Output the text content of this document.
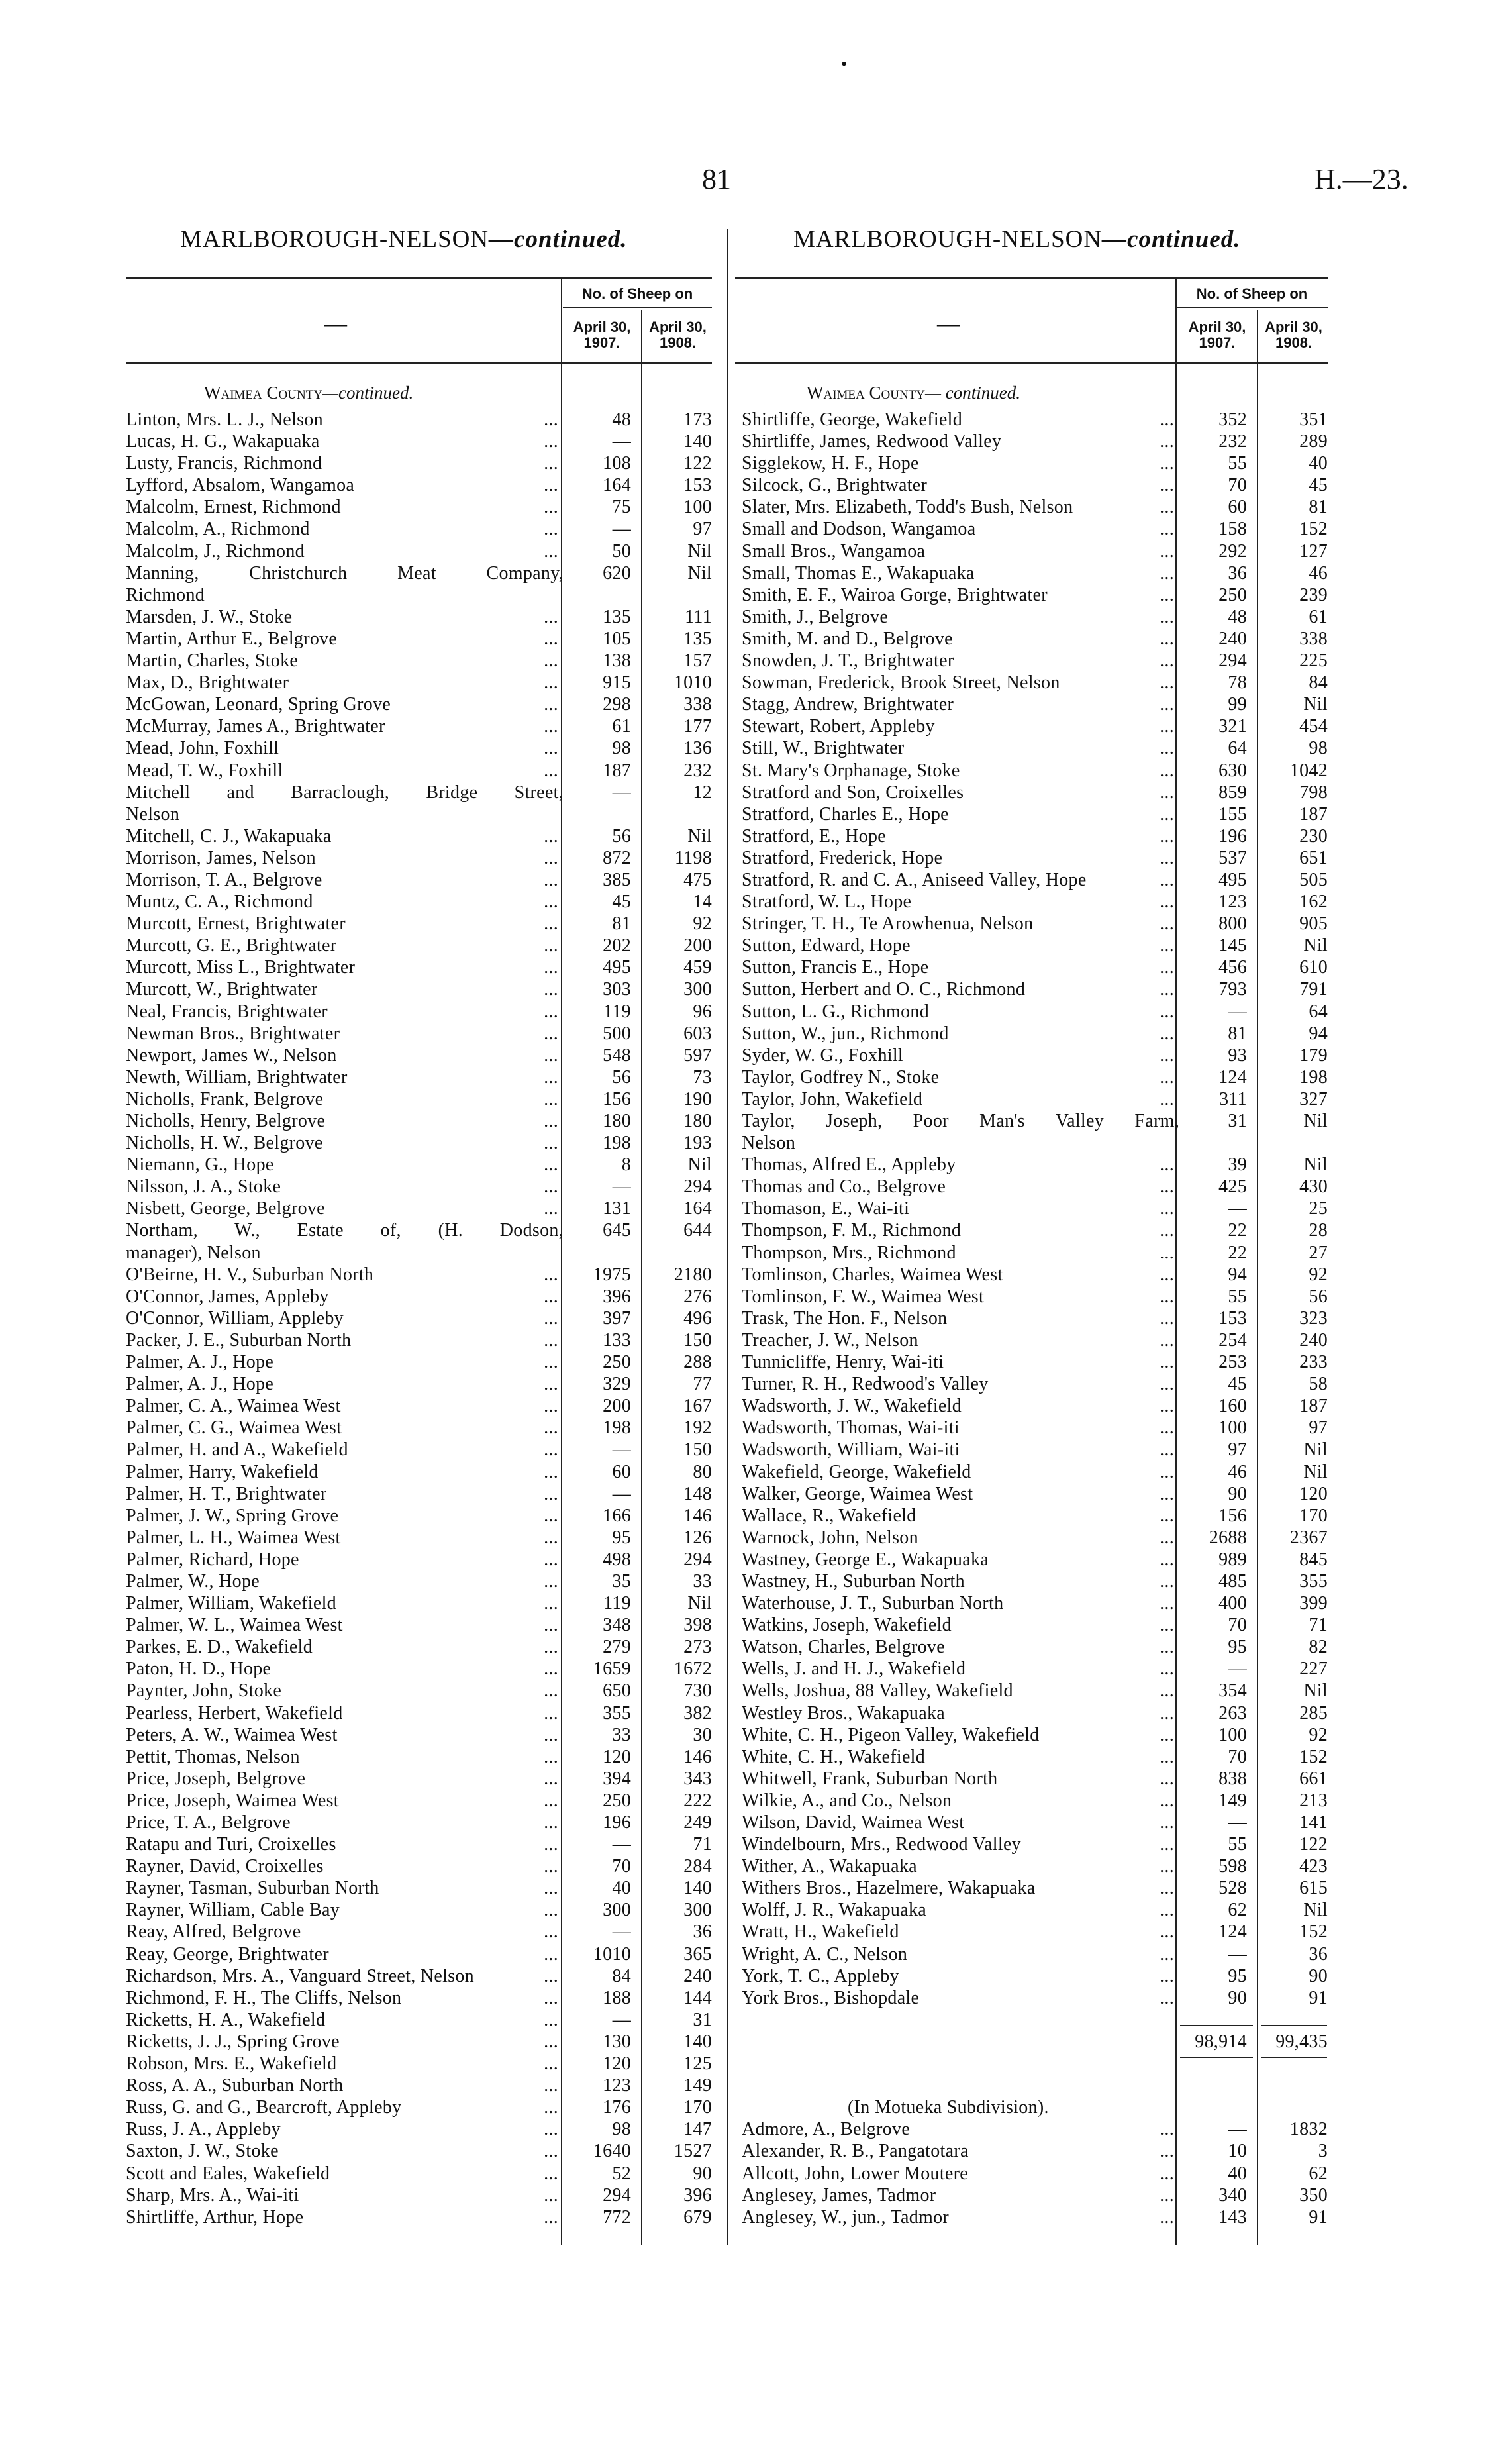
•
81	H.—23.
MARLBOROUGH-NELSON—continued.
No. of Sheep on
April 30, 1907.
April 30, 1908.
—
Waimea County—continued.
Linton, Mrs. L. J., Nelson ...	48	173
Lucas, H. G., Wakapuaka ...	—	140
Lusty, Francis, Richmond ...	108	122
Lyfford, Absalom, Wangamoa ...	164	153
Malcolm, Ernest, Richmond ...	75	100
Malcolm, A., Richmond ...	—	97
Malcolm, J., Richmond ...	50	Nil
Manning, Christchurch Meat Company,	620	Nil
Richmond
Marsden, J. W., Stoke ...	135	111
Martin, Arthur E., Belgrove ...	105	135
Martin, Charles, Stoke ...	138	157
Max, D., Brightwater ...	915	1010
McGowan, Leonard, Spring Grove ...	298	338
McMurray, James A., Brightwater ...	61	177
Mead, John, Foxhill ...	98	136
Mead, T. W., Foxhill ...	187	232
Mitchell and Barraclough, Bridge Street,	—	12
Nelson
Mitchell, C. J., Wakapuaka ...	56	Nil
Morrison, James, Nelson ...	872	1198
Morrison, T. A., Belgrove ...	385	475
Muntz, C. A., Richmond ...	45	14
Murcott, Ernest, Brightwater ...	81	92
Murcott, G. E., Brightwater ...	202	200
Murcott, Miss L., Brightwater ...	495	459
Murcott, W., Brightwater ...	303	300
Neal, Francis, Brightwater ...	119	96
Newman Bros., Brightwater ...	500	603
Newport, James W., Nelson ...	548	597
Newth, William, Brightwater ...	56	73
Nicholls, Frank, Belgrove ...	156	190
Nicholls, Henry, Belgrove ...	180	180
Nicholls, H. W., Belgrove ...	198	193
Niemann, G., Hope ...	8	Nil
Nilsson, J. A., Stoke ...	—	294
Nisbett, George, Belgrove ...	131	164
Northam, W., Estate of, (H. Dodson,	645	644
manager), Nelson
O'Beirne, H. V., Suburban North ...	1975	2180
O'Connor, James, Appleby ...	396	276
O'Connor, William, Appleby ...	397	496
Packer, J. E., Suburban North ...	133	150
Palmer, A. J., Hope ...	250	288
Palmer, A. J., Hope ...	329	77
Palmer, C. A., Waimea West ...	200	167
Palmer, C. G., Waimea West ...	198	192
Palmer, H. and A., Wakefield ...	—	150
Palmer, Harry, Wakefield ...	60	80
Palmer, H. T., Brightwater ...	—	148
Palmer, J. W., Spring Grove ...	166	146
Palmer, L. H., Waimea West ...	95	126
Palmer, Richard, Hope ...	498	294
Palmer, W., Hope ...	35	33
Palmer, William, Wakefield ...	119	Nil
Palmer, W. L., Waimea West ...	348	398
Parkes, E. D., Wakefield ...	279	273
Paton, H. D., Hope ...	1659	1672
Paynter, John, Stoke ...	650	730
Pearless, Herbert, Wakefield ...	355	382
Peters, A. W., Waimea West ...	33	30
Pettit, Thomas, Nelson ...	120	146
Price, Joseph, Belgrove ...	394	343
Price, Joseph, Waimea West ...	250	222
Price, T. A., Belgrove ...	196	249
Ratapu and Turi, Croixelles ...	—	71
Rayner, David, Croixelles ...	70	284
Rayner, Tasman, Suburban North ...	40	140
Rayner, William, Cable Bay ...	300	300
Reay, Alfred, Belgrove ...	—	36
Reay, George, Brightwater ...	1010	365
Richardson, Mrs. A., Vanguard Street, Nelson ...	84	240
Richmond, F. H., The Cliffs, Nelson ...	188	144
Ricketts, H. A., Wakefield ...	—	31
Ricketts, J. J., Spring Grove ...	130	140
Robson, Mrs. E., Wakefield ...	120	125
Ross, A. A., Suburban North ...	123	149
Russ, G. and G., Bearcroft, Appleby ...	176	170
Russ, J. A., Appleby ...	98	147
Saxton, J. W., Stoke ...	1640	1527
Scott and Eales, Wakefield ...	52	90
Sharp, Mrs. A., Wai-iti ...	294	396
Shirtliffe, Arthur, Hope ...	772	679
MARLBOROUGH-NELSON—continued.
No. of Sheep on
April 30, 1907.
April 30, 1908.
—
Waimea County— continued.
Shirtliffe, George, Wakefield ...	352	351
Shirtliffe, James, Redwood Valley ...	232	289
Sigglekow, H. F., Hope ...	55	40
Silcock, G., Brightwater ...	70	45
Slater, Mrs. Elizabeth, Todd's Bush, Nelson ...	60	81
Small and Dodson, Wangamoa ...	158	152
Small Bros., Wangamoa ...	292	127
Small, Thomas E., Wakapuaka ...	36	46
Smith, E. F., Wairoa Gorge, Brightwater ...	250	239
Smith, J., Belgrove ...	48	61
Smith, M. and D., Belgrove ...	240	338
Snowden, J. T., Brightwater ...	294	225
Sowman, Frederick, Brook Street, Nelson ...	78	84
Stagg, Andrew, Brightwater ...	99	Nil
Stewart, Robert, Appleby ...	321	454
Still, W., Brightwater ...	64	98
St. Mary's Orphanage, Stoke ...	630	1042
Stratford and Son, Croixelles ...	859	798
Stratford, Charles E., Hope ...	155	187
Stratford, E., Hope ...	196	230
Stratford, Frederick, Hope ...	537	651
Stratford, R. and C. A., Aniseed Valley, Hope ...	495	505
Stratford, W. L., Hope ...	123	162
Stringer, T. H., Te Arowhenua, Nelson ...	800	905
Sutton, Edward, Hope ...	145	Nil
Sutton, Francis E., Hope ...	456	610
Sutton, Herbert and O. C., Richmond ...	793	791
Sutton, L. G., Richmond ...	—	64
Sutton, W., jun., Richmond ...	81	94
Syder, W. G., Foxhill ...	93	179
Taylor, Godfrey N., Stoke ...	124	198
Taylor, John, Wakefield ...	311	327
Taylor, Joseph, Poor Man's Valley Farm,	31	Nil
Nelson
Thomas, Alfred E., Appleby ...	39	Nil
Thomas and Co., Belgrove ...	425	430
Thomason, E., Wai-iti ...	—	25
Thompson, F. M., Richmond ...	22	28
Thompson, Mrs., Richmond ...	22	27
Tomlinson, Charles, Waimea West ...	94	92
Tomlinson, F. W., Waimea West ...	55	56
Trask, The Hon. F., Nelson ...	153	323
Treacher, J. W., Nelson ...	254	240
Tunnicliffe, Henry, Wai-iti ...	253	233
Turner, R. H., Redwood's Valley ...	45	58
Wadsworth, J. W., Wakefield ...	160	187
Wadsworth, Thomas, Wai-iti ...	100	97
Wadsworth, William, Wai-iti ...	97	Nil
Wakefield, George, Wakefield ...	46	Nil
Walker, George, Waimea West ...	90	120
Wallace, R., Wakefield ...	156	170
Warnock, John, Nelson ...	2688	2367
Wastney, George E., Wakapuaka ...	989	845
Wastney, H., Suburban North ...	485	355
Waterhouse, J. T., Suburban North ...	400	399
Watkins, Joseph, Wakefield ...	70	71
Watson, Charles, Belgrove ...	95	82
Wells, J. and H. J., Wakefield ...	—	227
Wells, Joshua, 88 Valley, Wakefield ...	354	Nil
Westley Bros., Wakapuaka ...	263	285
White, C. H., Pigeon Valley, Wakefield ...	100	92
White, C. H., Wakefield ...	70	152
Whitwell, Frank, Suburban North ...	838	661
Wilkie, A., and Co., Nelson ...	149	213
Wilson, David, Waimea West ...	—	141
Windelbourn, Mrs., Redwood Valley ...	55	122
Wither, A., Wakapuaka ...	598	423
Withers Bros., Hazelmere, Wakapuaka ...	528	615
Wolff, J. R., Wakapuaka ...	62	Nil
Wratt, H., Wakefield ...	124	152
Wright, A. C., Nelson ...	—	36
York, T. C., Appleby ...	95	90
York Bros., Bishopdale ...	90	91
98,914	99,435
(In Motueka Subdivision).
Admore, A., Belgrove ...	—	1832
Alexander, R. B., Pangatotara ...	10	3
Allcott, John, Lower Moutere ...	40	62
Anglesey, James, Tadmor ...	340	350
Anglesey, W., jun., Tadmor ...	143	91
